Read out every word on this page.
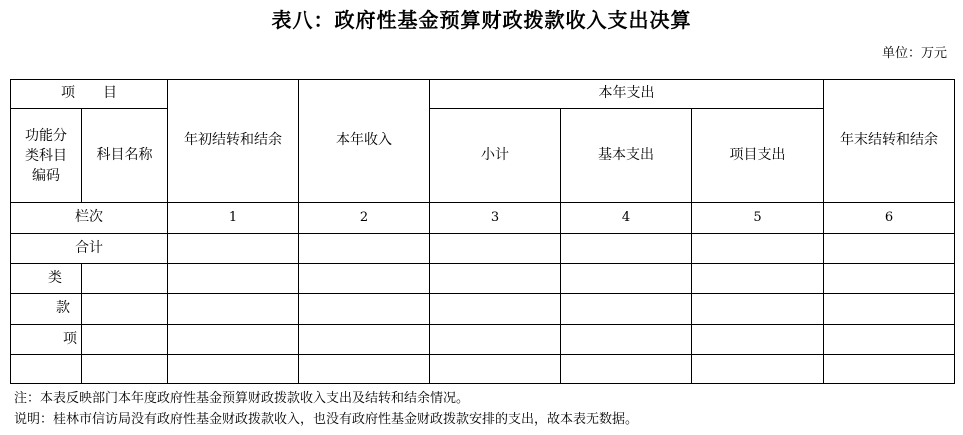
表八：政府性基金预算财政拨款收入支出决算
单位：万元
项　　目		年初结转和结余	本年收入	本年支出			年末结转和结余

功能分类科目编码	科目名称			小计	基本支出	项目支出	
栏次		1	2	3	4	5	6
合计							
类							
款							
项							

注：本表反映部门本年度政府性基金预算财政拨款收入支出及结转和结余情况。
说明：桂林市信访局没有政府性基金财政拨款收入，也没有政府性基金财政拨款安排的支出，故本表无数据。
